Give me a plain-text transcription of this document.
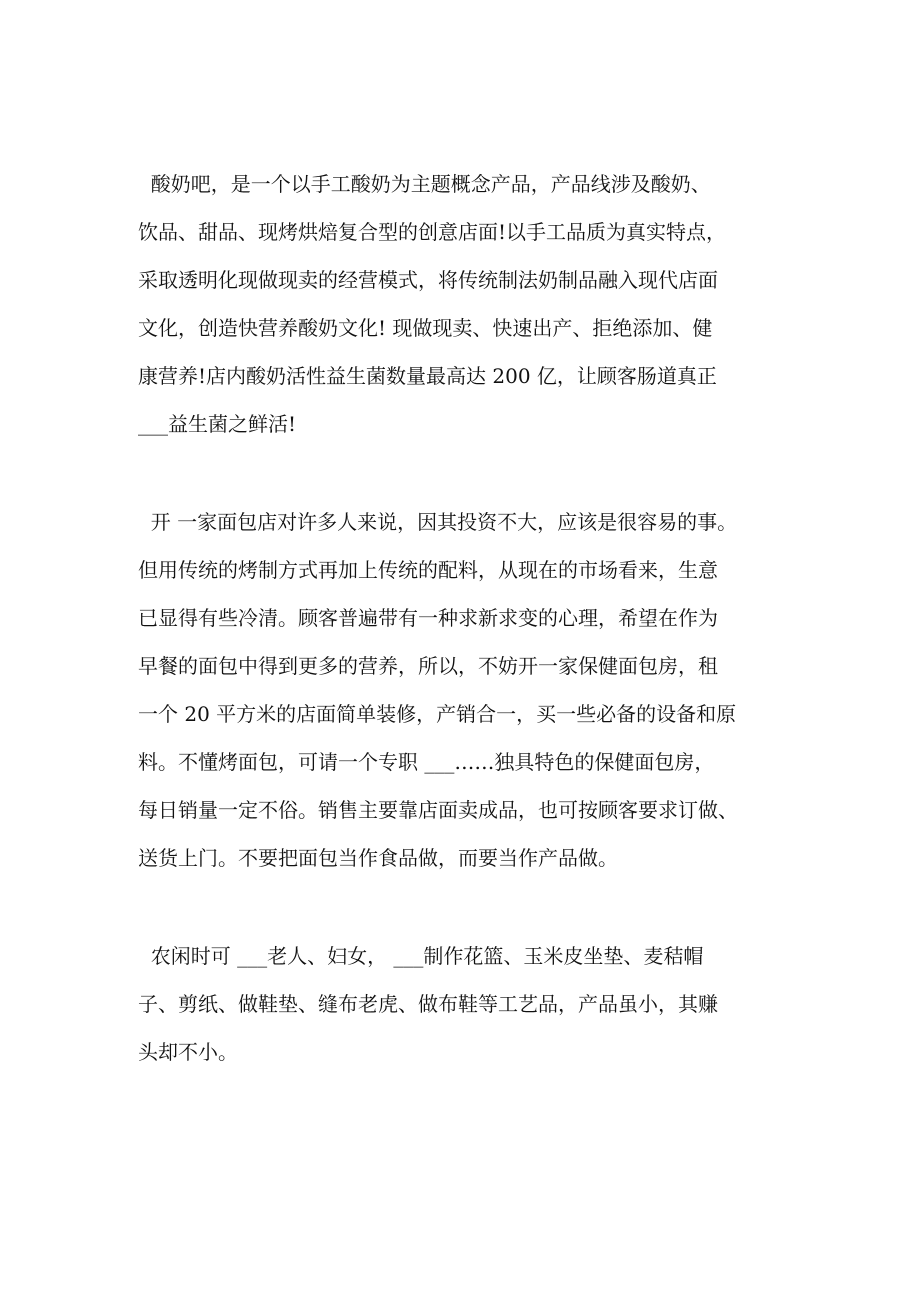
酸奶吧，是一个以手工酸奶为主题概念产品，产品线涉及酸奶、
饮品、甜品、现烤烘焙复合型的创意店面!以手工品质为真实特点，
采取透明化现做现卖的经营模式，将传统制法奶制品融入现代店面
文化，创造快营养酸奶文化! 现做现卖、快速出产、拒绝添加、健
康营养!店内酸奶活性益生菌数量最高达 200 亿，让顾客肠道真正
___益生菌之鲜活!
开 一家面包店对许多人来说，因其投资不大，应该是很容易的事。
但用传统的烤制方式再加上传统的配料，从现在的市场看来，生意
已显得有些冷清。顾客普遍带有一种求新求变的心理，希望在作为
早餐的面包中得到更多的营养，所以，不妨开一家保健面包房，租
一个 20 平方米的店面简单装修，产销合一，买一些必备的设备和原
料。不懂烤面包，可请一个专职 ___……独具特色的保健面包房，
每日销量一定不俗。销售主要靠店面卖成品，也可按顾客要求订做、
送货上门。不要把面包当作食品做，而要当作产品做。
农闲时可 ___老人、妇女， ___制作花篮、玉米皮坐垫、麦秸帽
子、剪纸、做鞋垫、缝布老虎、做布鞋等工艺品，产品虽小，其赚
头却不小。
